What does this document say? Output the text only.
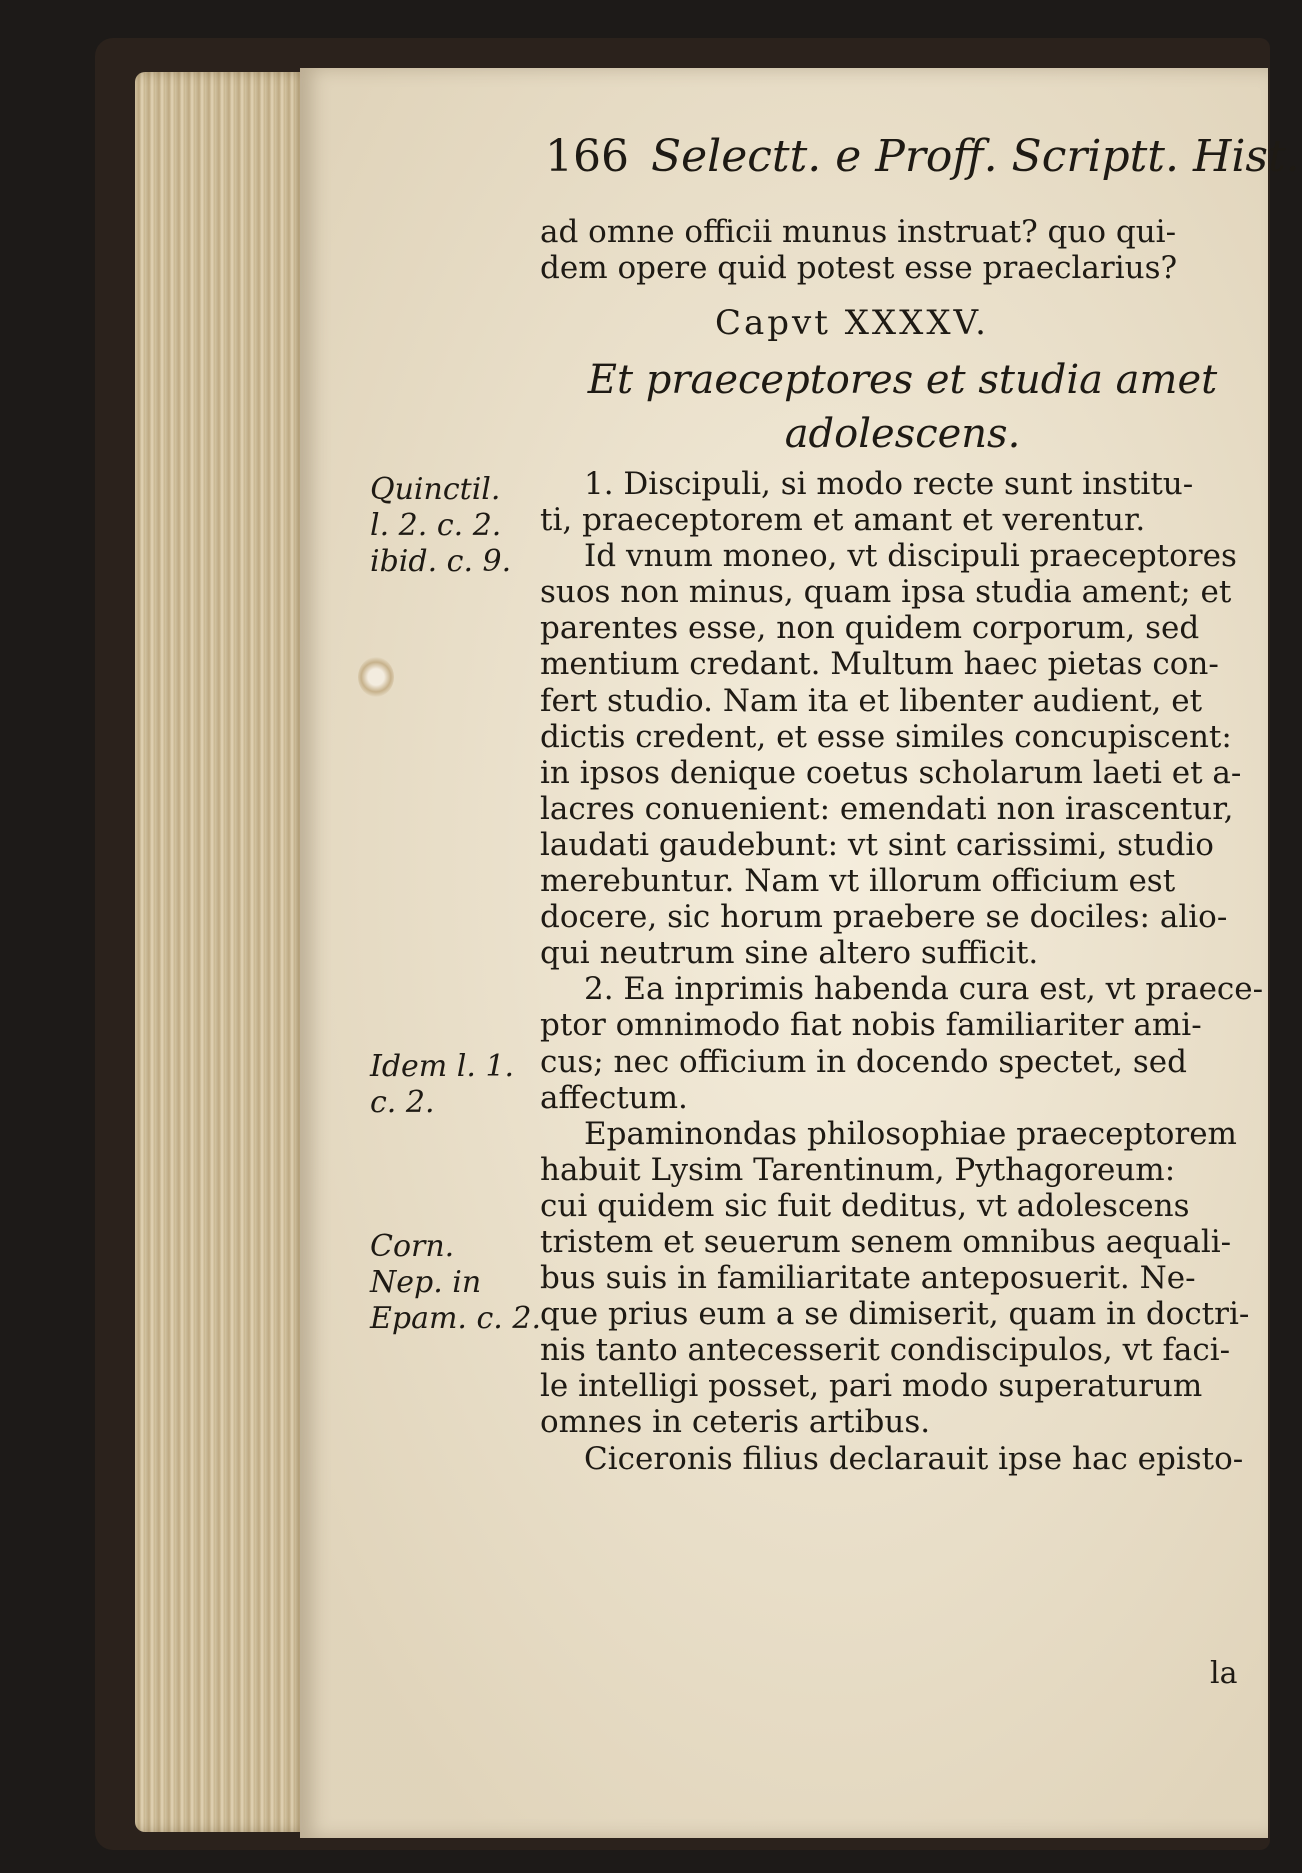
166 Selectt. e Proff. Scriptt. Hist.
ad omne officii munus instruat? quo qui-
dem opere quid potest esse praeclarius?
Capvt XXXXV.
Et praeceptores et studia amet
adolescens.
1. Discipuli, si modo recte sunt institu-
ti, praeceptorem et amant et verentur.
Id vnum moneo, vt discipuli praeceptores
suos non minus, quam ipsa studia ament; et
parentes esse, non quidem corporum, sed
mentium credant. Multum haec pietas con-
fert studio. Nam ita et libenter audient, et
dictis credent, et esse similes concupiscent:
in ipsos denique coetus scholarum laeti et a-
lacres conuenient: emendati non irascentur,
laudati gaudebunt: vt sint carissimi, studio
merebuntur. Nam vt illorum officium est
docere, sic horum praebere se dociles: alio-
qui neutrum sine altero sufficit.
2. Ea inprimis habenda cura est, vt praece-
ptor omnimodo fiat nobis familiariter ami-
cus; nec officium in docendo spectet, sed
affectum.
Epaminondas philosophiae praeceptorem
habuit Lysim Tarentinum, Pythagoreum:
cui quidem sic fuit deditus, vt adolescens
tristem et seuerum senem omnibus aequali-
bus suis in familiaritate anteposuerit. Ne-
que prius eum a se dimiserit, quam in doctri-
nis tanto antecesserit condiscipulos, vt faci-
le intelligi posset, pari modo superaturum
omnes in ceteris artibus.
Ciceronis filius declarauit ipse hac episto-
Quinctil.
l. 2. c. 2.
ibid. c. 9.
Idem l. 1.
c. 2.
Corn.
Nep. in
Epam. c. 2.
la
